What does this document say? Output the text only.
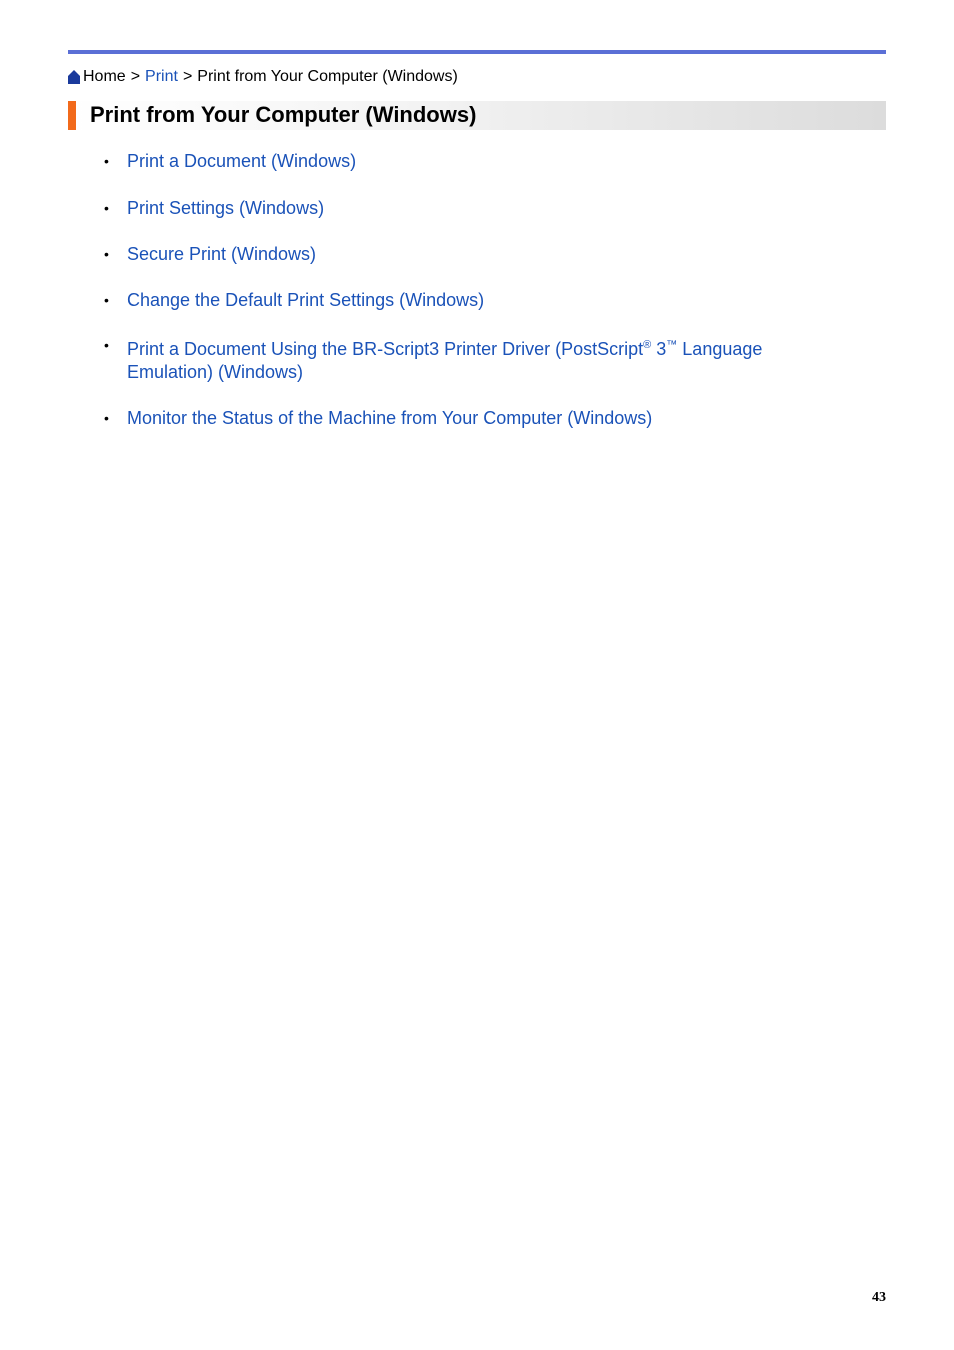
Home > Print > Print from Your Computer (Windows)
Print from Your Computer (Windows)
• Print a Document (Windows)
• Print Settings (Windows)
• Secure Print (Windows)
• Change the Default Print Settings (Windows)
• Print a Document Using the BR-Script3 Printer Driver (PostScript® 3™ Language Emulation) (Windows)
• Monitor the Status of the Machine from Your Computer (Windows)
43
